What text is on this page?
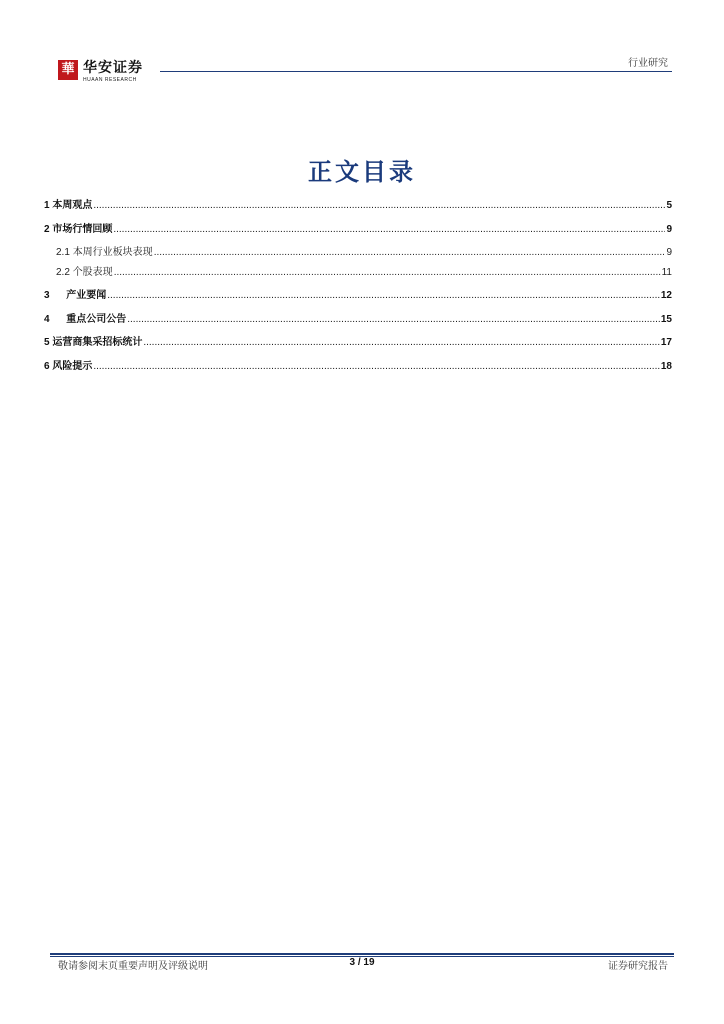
華 华安证券
HUAAN RESEARCH
行业研究
正文目录
1 本周观点 .....	5
2 市场行情回顾 .....	9
2.1 本周行业板块表现 .....	9
2.2 个股表现 .....	11
3 产业要闻 .....	12
4 重点公司公告 .....	15
5 运营商集采招标统计 .....	17
6 风险提示 .....	18
敬请参阅末页重要声明及评级说明	3 / 19	证券研究报告
